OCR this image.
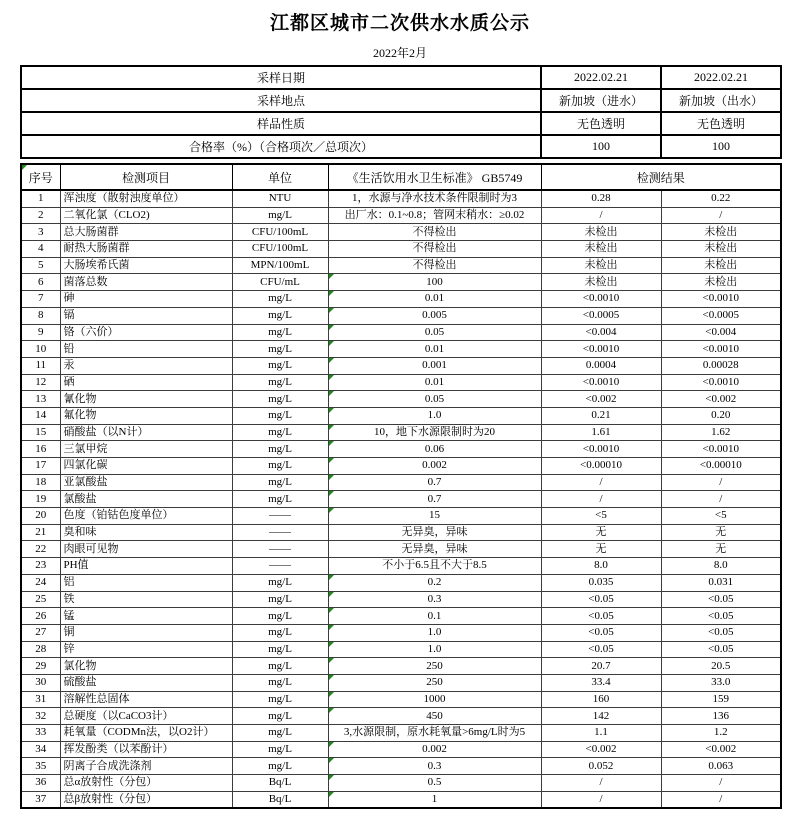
江都区城市二次供水水质公示
2022年2月
采样日期	2022.02.21	2022.02.21
采样地点	新加坡（进水）	新加坡（出水）
样品性质	无色透明	无色透明
合格率（%）（合格项次／总项次）	100	100
序号	检测项目	单位	《生活饮用水卫生标准》 GB5749	检测结果	
1	浑浊度（散射浊度单位）	NTU	1，水源与净水技术条件限制时为3	0.28	0.22
2	二氧化氯（CLO2)	mg/L	出厂水：0.1~0.8；管网末稍水：≥0.02	/	/
3	总大肠菌群	CFU/100mL	不得检出	未检出	未检出
4	耐热大肠菌群	CFU/100mL	不得检出	未检出	未检出
5	大肠埃希氏菌	MPN/100mL	不得检出	未检出	未检出
6	菌落总数	CFU/mL	100	未检出	未检出
7	砷	mg/L	0.01	<0.0010	<0.0010
8	镉	mg/L	0.005	<0.0005	<0.0005
9	铬（六价）	mg/L	0.05	<0.004	<0.004
10	铅	mg/L	0.01	<0.0010	<0.0010
11	汞	mg/L	0.001	0.0004	0.00028
12	硒	mg/L	0.01	<0.0010	<0.0010
13	氰化物	mg/L	0.05	<0.002	<0.002
14	氟化物	mg/L	1.0	0.21	0.20
15	硝酸盐（以N计）	mg/L	10，地下水源限制时为20	1.61	1.62
16	三氯甲烷	mg/L	0.06	<0.0010	<0.0010
17	四氯化碳	mg/L	0.002	<0.00010	<0.00010
18	亚氯酸盐	mg/L	0.7	/	/
19	氯酸盐	mg/L	0.7	/	/
20	色度（铂钴色度单位）	——	15	<5	<5
21	臭和味	——	无异臭，异味	无	无
22	肉眼可见物	——	无异臭，异味	无	无
23	PH值	——	不小于6.5且不大于8.5	8.0	8.0
24	铝	mg/L	0.2	0.035	0.031
25	铁	mg/L	0.3	<0.05	<0.05
26	锰	mg/L	0.1	<0.05	<0.05
27	铜	mg/L	1.0	<0.05	<0.05
28	锌	mg/L	1.0	<0.05	<0.05
29	氯化物	mg/L	250	20.7	20.5
30	硫酸盐	mg/L	250	33.4	33.0
31	溶解性总固体	mg/L	1000	160	159
32	总硬度（以CaCO3计）	mg/L	450	142	136
33	耗氧量（CODMn法，以O2计）	mg/L	3,水源限制，原水耗氧量>6mg/L时为5	1.1	1.2
34	挥发酚类（以苯酚计）	mg/L	0.002	<0.002	<0.002
35	阴离子合成洗涤剂	mg/L	0.3	0.052	0.063
36	总α放射性（分包）	Bq/L	0.5	/	/
37	总β放射性（分包）	Bq/L	1	/	/
